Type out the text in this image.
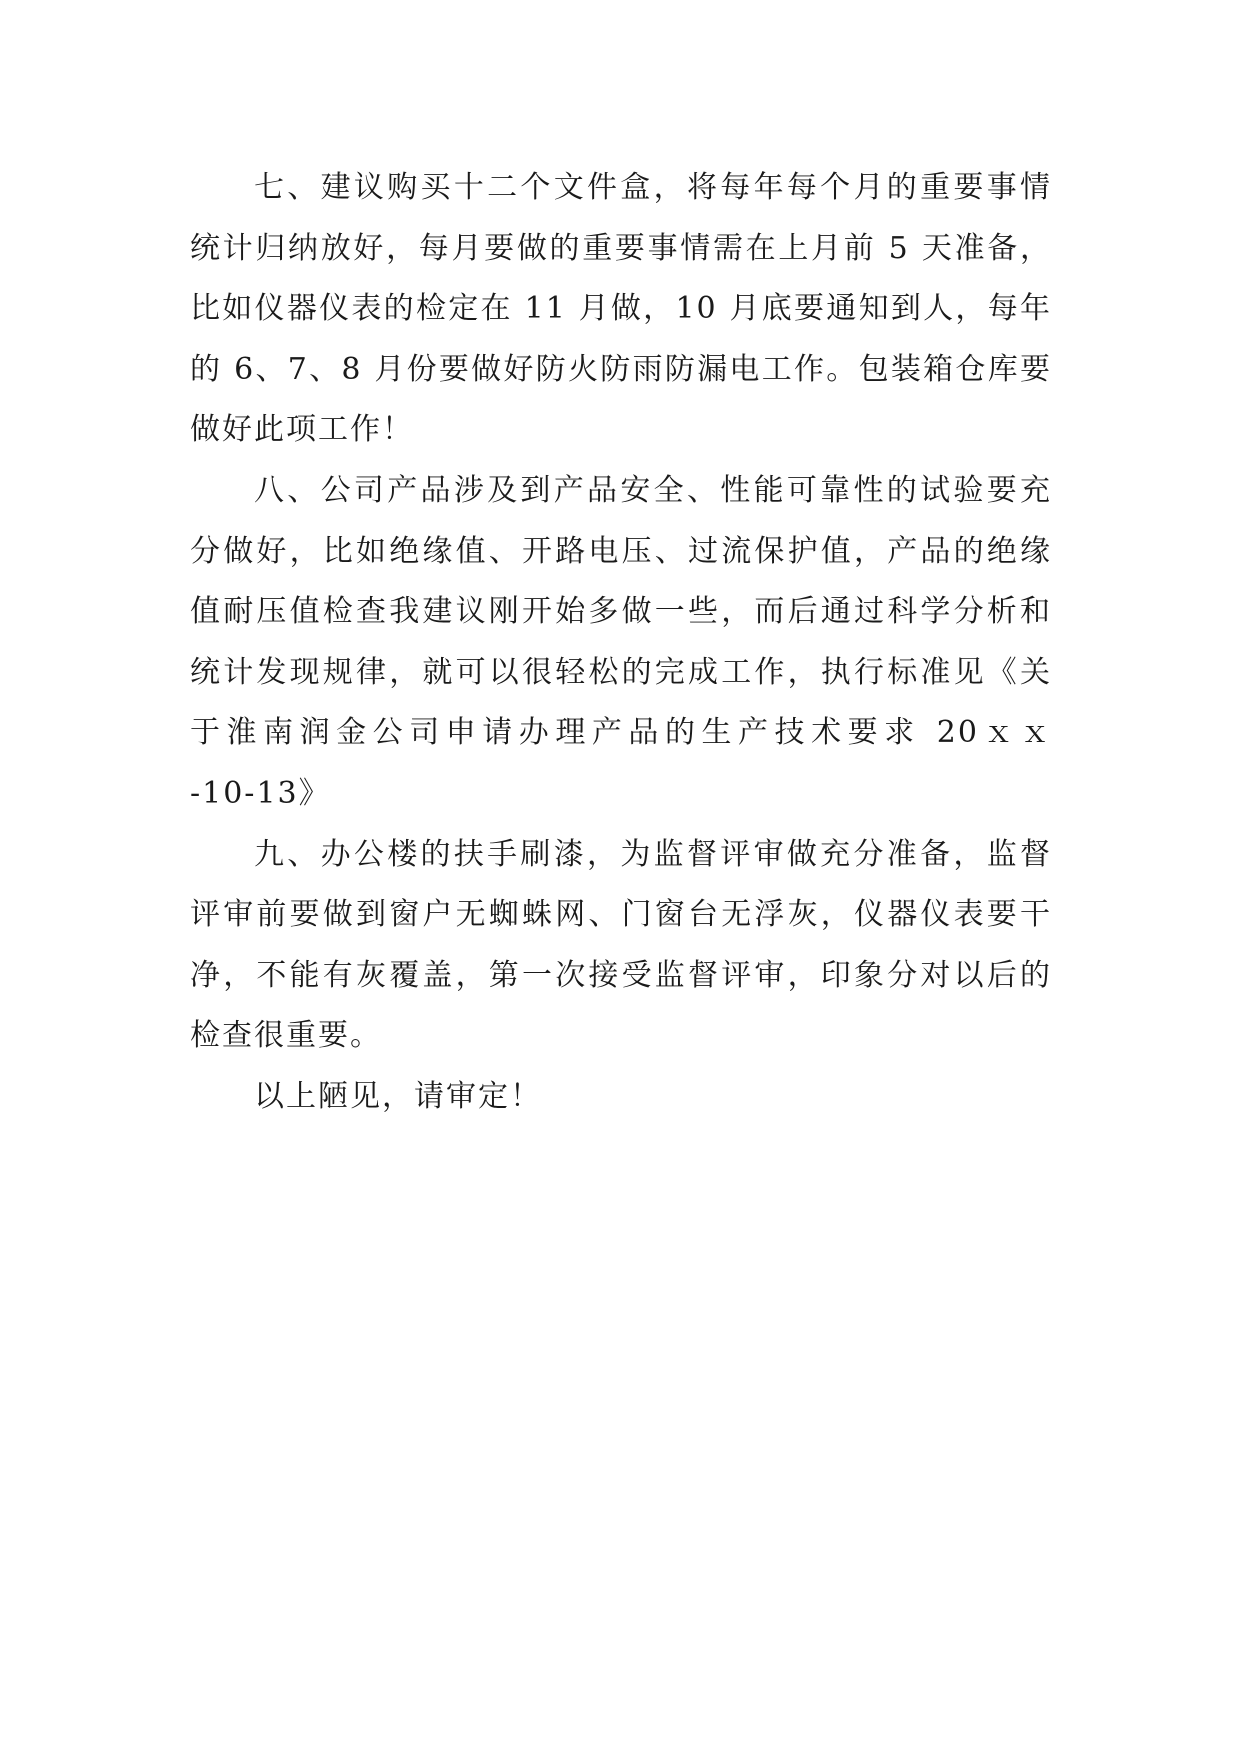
七、建议购买十二个文件盒，将每年每个月的重要事情
统计归纳放好，每月要做的重要事情需在上月前 5 天准备，
比如仪器仪表的检定在 11 月做，10 月底要通知到人，每年
的 6、7、8 月份要做好防火防雨防漏电工作。包装箱仓库要
做好此项工作！

八、公司产品涉及到产品安全、性能可靠性的试验要充
分做好，比如绝缘值、开路电压、过流保护值，产品的绝缘
值耐压值检查我建议刚开始多做一些，而后通过科学分析和
统计发现规律，就可以很轻松的完成工作，执行标准见《关
于淮南润金公司申请办理产品的生产技术要求 20ｘｘ
-10-13》

九、办公楼的扶手刷漆，为监督评审做充分准备，监督
评审前要做到窗户无蜘蛛网、门窗台无浮灰，仪器仪表要干
净，不能有灰覆盖，第一次接受监督评审，印象分对以后的
检查很重要。

以上陋见，请审定！
